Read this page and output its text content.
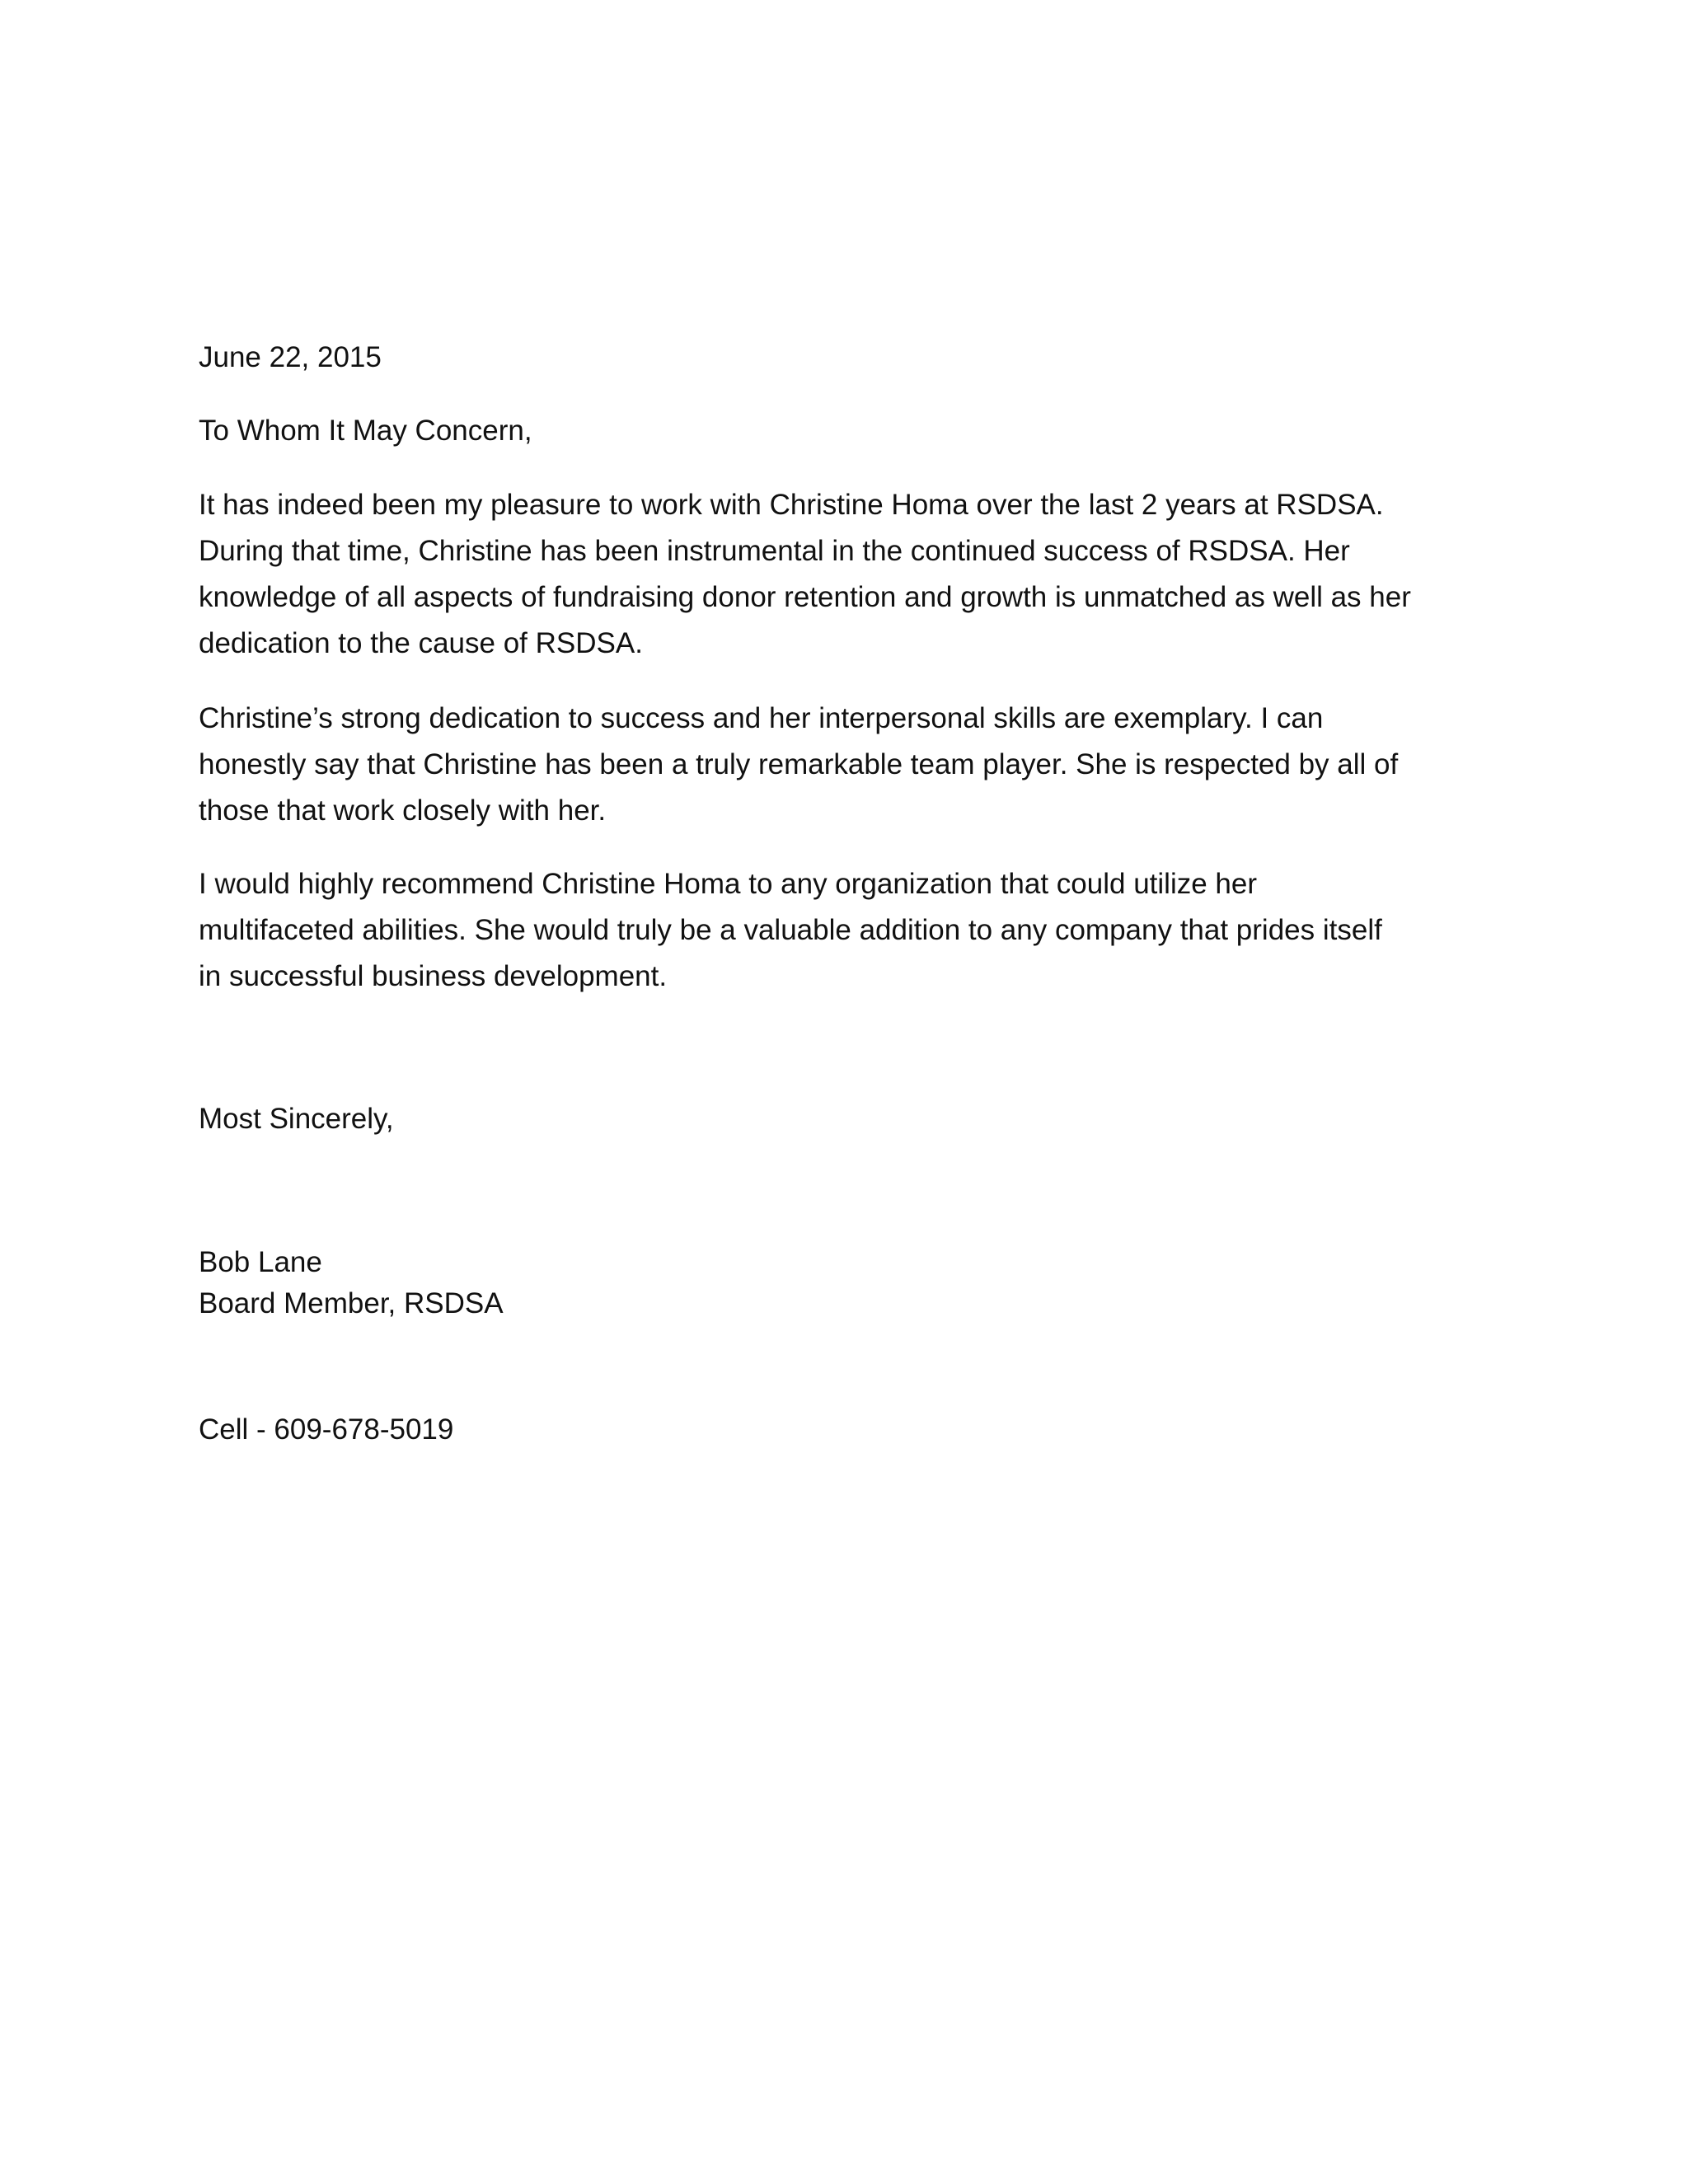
June 22, 2015

To Whom It May Concern,

It has indeed been my pleasure to work with Christine Homa over the last 2 years at RSDSA.
During that time, Christine has been instrumental in the continued success of RSDSA. Her
knowledge of all aspects of fundraising donor retention and growth is unmatched as well as her
dedication to the cause of RSDSA.

Christine’s strong dedication to success and her interpersonal skills are exemplary. I can
honestly say that Christine has been a truly remarkable team player. She is respected by all of
those that work closely with her.

I would highly recommend Christine Homa to any organization that could utilize her
multifaceted abilities. She would truly be a valuable addition to any company that prides itself
in successful business development.

Most Sincerely,

Bob Lane
Board Member, RSDSA

Cell - 609-678-5019
